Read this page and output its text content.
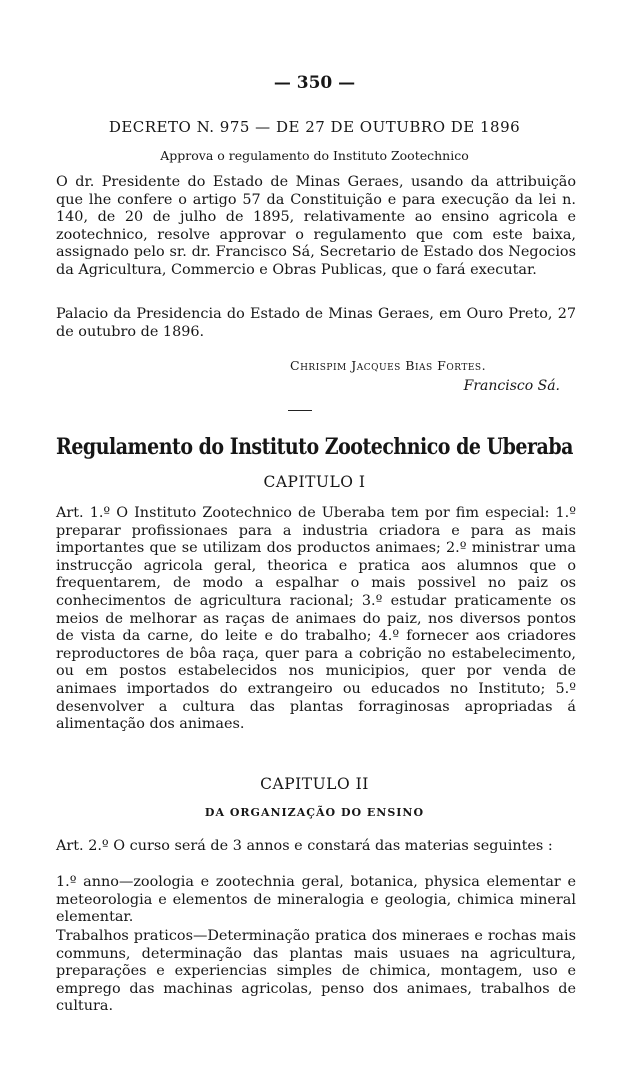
— 350 —
DECRETO N. 975 — DE 27 DE OUTUBRO DE 1896
Approva o regulamento do Instituto Zootechnico

O dr. Presidente do Estado de Minas Geraes, usando da attribuição que lhe confere o artigo 57 da Constituição e para execução da lei n. 140, de 20 de julho de 1895, relativamente ao ensino agricola e zootechnico, resolve approvar o regulamento que com este baixa, assignado pelo sr. dr. Francisco Sá, Secretario de Estado dos Negocios da Agricultura, Commercio e Obras Publicas, que o fará executar.

Palacio da Presidencia do Estado de Minas Geraes, em Ouro Preto, 27 de outubro de 1896.

Chrispim Jacques Bias Fortes.
Francisco Sá.
Regulamento do Instituto Zootechnico de Uberaba
CAPITULO I

Art. 1.º O Instituto Zootechnico de Uberaba tem por fim especial: 1.º preparar profissionaes para a industria criadora e para as mais importantes que se utilizam dos productos animaes; 2.º ministrar uma instrucção agricola geral, theorica e pratica aos alumnos que o frequentarem, de modo a espalhar o mais possivel no paiz os conhecimentos de agricultura racional; 3.º estudar praticamente os meios de melhorar as raças de animaes do paiz, nos diversos pontos de vista da carne, do leite e do trabalho; 4.º fornecer aos criadores reproductores de bôa raça, quer para a cobrição no estabelecimento, ou em postos estabelecidos nos municipios, quer por venda de animaes importados do extrangeiro ou educados no Instituto; 5.º desenvolver a cultura das plantas forraginosas apropriadas á alimentação dos animaes.

CAPITULO II
DA ORGANIZAÇÃO DO ENSINO

Art. 2.º O curso será de 3 annos e constará das materias seguintes :

1.º anno—zoologia e zootechnia geral, botanica, physica elementar e meteorologia e elementos de mineralogia e geologia, chimica mineral elementar.

Trabalhos praticos—Determinação pratica dos mineraes e rochas mais communs, determinação das plantas mais usuaes na agricultura, preparações e experiencias simples de chimica, montagem, uso e emprego das machinas agricolas, penso dos animaes, trabalhos de cultura.
